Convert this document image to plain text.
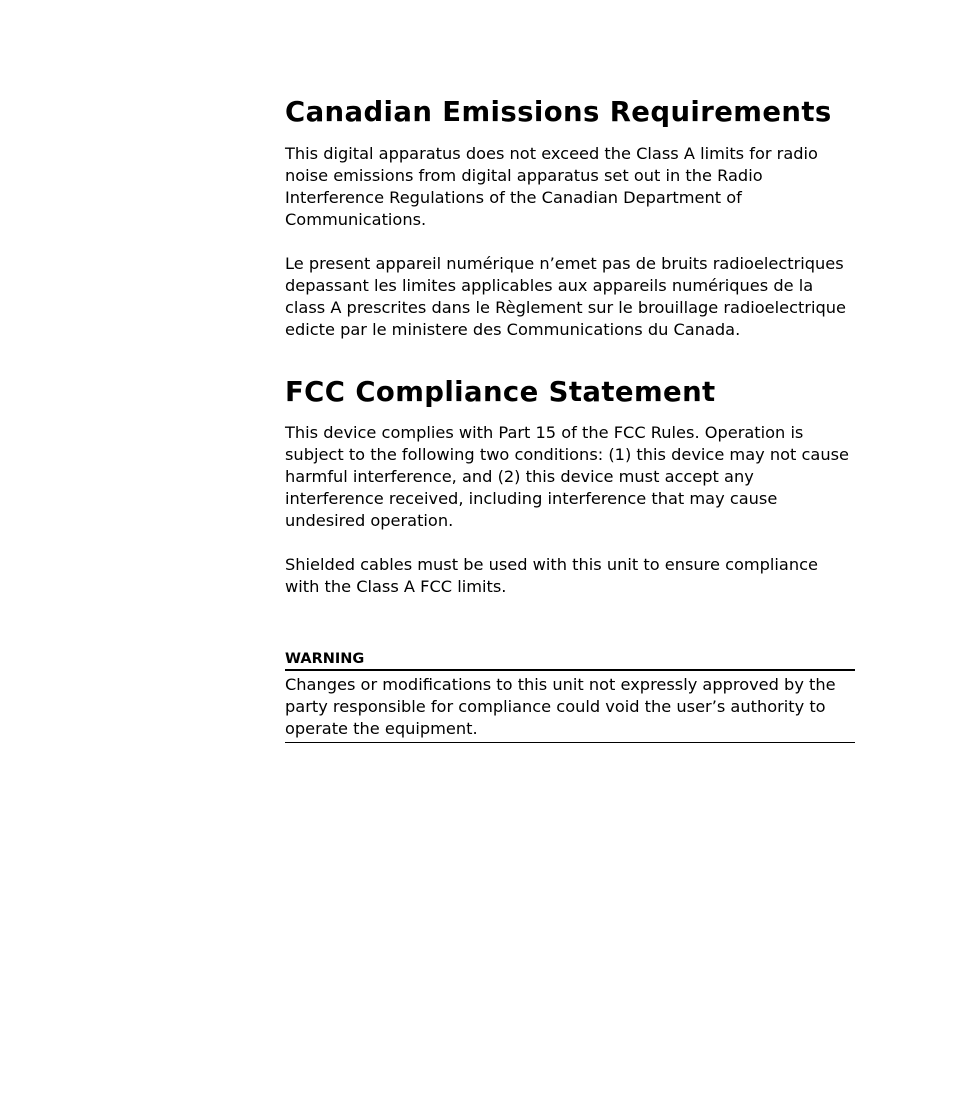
Canadian Emissions Requirements

This digital apparatus does not exceed the Class A limits for radio noise emissions from digital apparatus set out in the Radio Interference Regulations of the Canadian Department of Communications.

Le present appareil numérique n’emet pas de bruits radioelectriques depassant les limites applicables aux appareils numériques de la class A prescrites dans le Règlement sur le brouillage radioelectrique edicte par le ministere des Communications du Canada.

FCC Compliance Statement

This device complies with Part 15 of the FCC Rules. Operation is subject to the following two conditions: (1) this device may not cause harmful interference, and (2) this device must accept any interference received, including interference that may cause undesired operation.

Shielded cables must be used with this unit to ensure compliance with the Class A FCC limits.

WARNING

Changes or modifications to this unit not expressly approved by the party responsible for compliance could void the user’s authority to operate the equipment.
